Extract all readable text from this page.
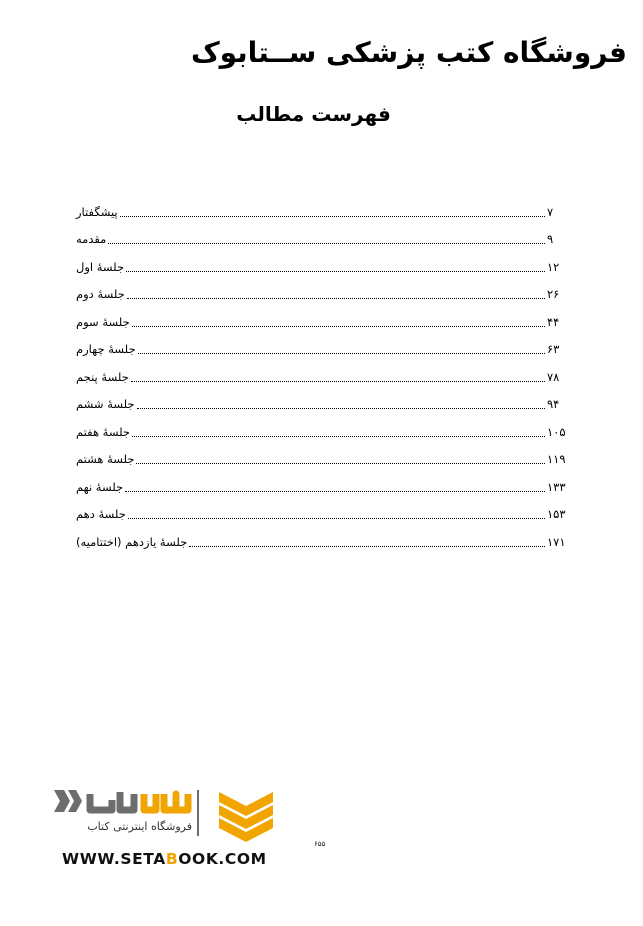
فروشگاه کتب پزشکی ســتابوک
فهرست مطالب
پیشگفتار	۷
مقدمه	۹
جلسهٔ اول	۱۲
جلسهٔ دوم	۲۶
جلسهٔ سوم	۴۴
جلسهٔ چهارم	۶۳
جلسهٔ پنجم	۷۸
جلسهٔ ششم	۹۴
جلسهٔ هفتم	۱۰۵
جلسهٔ هشتم	۱۱۹
جلسهٔ نهم	۱۳۳
جلسهٔ دهم	۱۵۳
جلسهٔ یازدهم (اختتامیه)	۱۷۱
فروشگاه اینترنتی کتاب
WWW.SETABOOK.COM
۶۵۵
